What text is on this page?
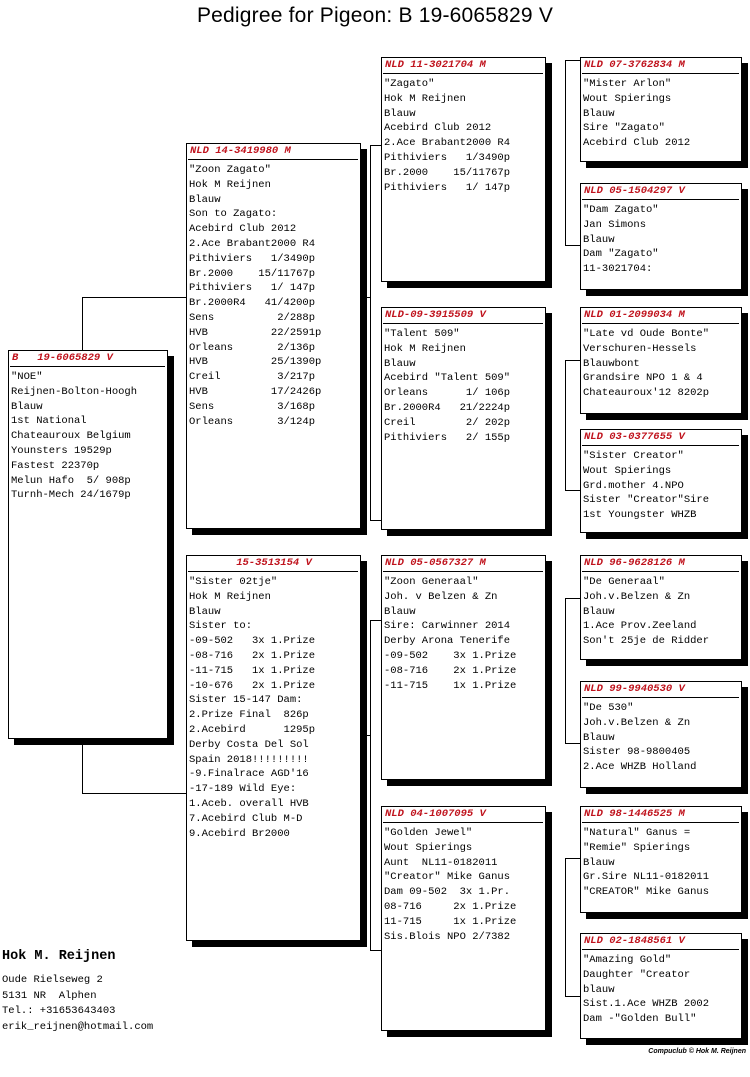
Pedigree for Pigeon: B 19-6065829 V
B   19-6065829 V
"NOE"
Reijnen-Bolton-Hoogh
Blauw
1st National
Chateauroux Belgium
Younsters 19529p
Fastest 22370p
Melun Hafo  5/ 908p
Turnh-Mech 24/1679p
NLD 14-3419980 M
"Zoon Zagato"
Hok M Reijnen
Blauw
Son to Zagato:
Acebird Club 2012
2.Ace Brabant2000 R4
Pithiviers   1/3490p
Br.2000    15/11767p
Pithiviers   1/ 147p
Br.2000R4   41/4200p
Sens          2/288p
HVB          22/2591p
Orleans       2/136p
HVB          25/1390p
Creil         3/217p
HVB          17/2426p
Sens          3/168p
Orleans       3/124p
15-3513154 V
"Sister 02tje"
Hok M Reijnen
Blauw
Sister to:
-09-502   3x 1.Prize
-08-716   2x 1.Prize
-11-715   1x 1.Prize
-10-676   2x 1.Prize
Sister 15-147 Dam:
2.Prize Final  826p
2.Acebird      1295p
Derby Costa Del Sol
Spain 2018!!!!!!!!!
-9.Finalrace AGD'16
-17-189 Wild Eye:
1.Aceb. overall HVB
7.Acebird Club M-D
9.Acebird Br2000
NLD 11-3021704 M
"Zagato"
Hok M Reijnen
Blauw
Acebird Club 2012
2.Ace Brabant2000 R4
Pithiviers   1/3490p
Br.2000    15/11767p
Pithiviers   1/ 147p
NLD-09-3915509 V
"Talent 509"
Hok M Reijnen
Blauw
Acebird "Talent 509"
Orleans      1/ 106p
Br.2000R4   21/2224p
Creil        2/ 202p
Pithiviers   2/ 155p
NLD 05-0567327 M
"Zoon Generaal"
Joh. v Belzen & Zn
Blauw
Sire: Carwinner 2014
Derby Arona Tenerife
-09-502    3x 1.Prize
-08-716    2x 1.Prize
-11-715    1x 1.Prize
NLD 04-1007095 V
"Golden Jewel"
Wout Spierings
Aunt  NL11-0182011
"Creator" Mike Ganus
Dam 09-502  3x 1.Pr.
08-716     2x 1.Prize
11-715     1x 1.Prize
Sis.Blois NPO 2/7382
NLD 07-3762834 M
"Mister Arlon"
Wout Spierings
Blauw
Sire "Zagato"
Acebird Club 2012
NLD 05-1504297 V
"Dam Zagato"
Jan Simons
Blauw
Dam "Zagato"
11-3021704:
NLD 01-2099034 M
"Late vd Oude Bonte"
Verschuren-Hessels
Blauwbont
Grandsire NPO 1 & 4
Chateauroux'12 8202p
NLD 03-0377655 V
"Sister Creator"
Wout Spierings
Grd.mother 4.NPO
Sister "Creator"Sire
1st Youngster WHZB
NLD 96-9628126 M
"De Generaal"
Joh.v.Belzen & Zn
Blauw
1.Ace Prov.Zeeland
Son't 25je de Ridder
NLD 99-9940530 V
"De 530"
Joh.v.Belzen & Zn
Blauw
Sister 98-9800405
2.Ace WHZB Holland
NLD 98-1446525 M
"Natural" Ganus =
"Remie" Spierings
Blauw
Gr.Sire NL11-0182011
"CREATOR" Mike Ganus
NLD 02-1848561 V
"Amazing Gold"
Daughter "Creator
blauw
Sist.1.Ace WHZB 2002
Dam -"Golden Bull"
Hok M. Reijnen
Oude Rielseweg 2
5131 NR  Alphen
Tel.: +31653643403
erik_reijnen@hotmail.com
Compuclub © Hok M. Reijnen
